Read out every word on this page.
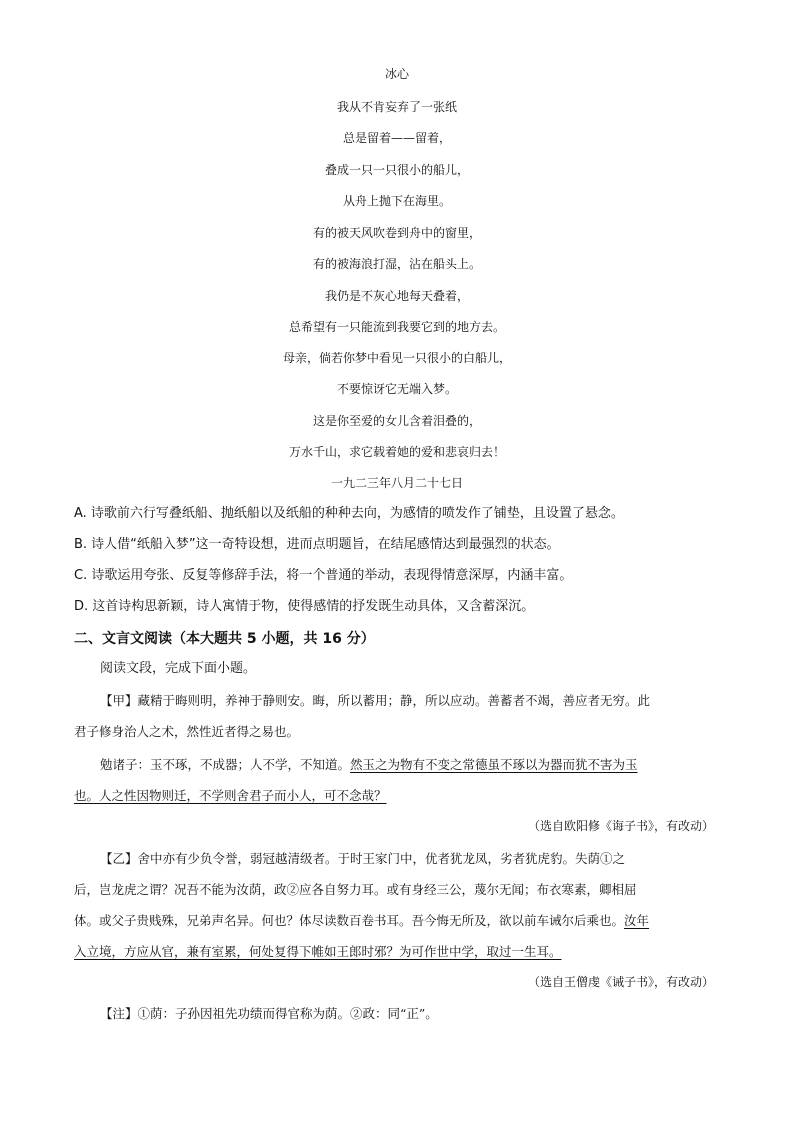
冰心
我从不肯妄弃了一张纸
总是留着——留着，
叠成一只一只很小的船儿，
从舟上抛下在海里。
有的被天风吹卷到舟中的窗里，
有的被海浪打湿，沾在船头上。
我仍是不灰心地每天叠着，
总希望有一只能流到我要它到的地方去。
母亲，倘若你梦中看见一只很小的白船儿，
不要惊讶它无端入梦。
这是你至爱的女儿含着泪叠的，
万水千山，求它载着她的爱和悲哀归去！
一九二三年八月二十七日
A. 诗歌前六行写叠纸船、抛纸船以及纸船的种种去向，为感情的喷发作了铺垫，且设置了悬念。
B. 诗人借“纸船入梦”这一奇特设想，进而点明题旨，在结尾感情达到最强烈的状态。
C. 诗歌运用夸张、反复等修辞手法，将一个普通的举动，表现得情意深厚，内涵丰富。
D. 这首诗构思新颖，诗人寓情于物，使得感情的抒发既生动具体，又含蓄深沉。
二、文言文阅读（本大题共 5 小题，共 16 分）
阅读文段，完成下面小题。
【甲】藏精于晦则明，养神于静则安。晦，所以蓄用；静，所以应动。善蓄者不竭，善应者无穷。此
君子修身治人之术，然性近者得之易也。
勉诸子：玉不琢，不成器；人不学，不知道。然玉之为物有不变之常德虽不琢以为器而犹不害为玉
也。人之性因物则迁，不学则舍君子而小人，可不念哉？
（选自欧阳修《诲子书》，有改动）
【乙】舍中亦有少负令誉，弱冠越清级者。于时王家门中，优者犹龙凤，劣者犹虎豹。失荫①之
后，岂龙虎之谓？况吾不能为汝荫，政②应各自努力耳。或有身经三公，蔑尔无闻；布衣寒素，卿相屈
体。或父子贵贱殊，兄弟声名异。何也？体尽读数百卷书耳。吾今悔无所及，欲以前车诫尔后乘也。汝年
入立境，方应从官，兼有室累，何处复得下帷如王郎时邪？为可作世中学，取过一生耳。
（选自王僧虔《诫子书》，有改动）
【注】①荫：子孙因祖先功绩而得官称为荫。②政：同“正”。
